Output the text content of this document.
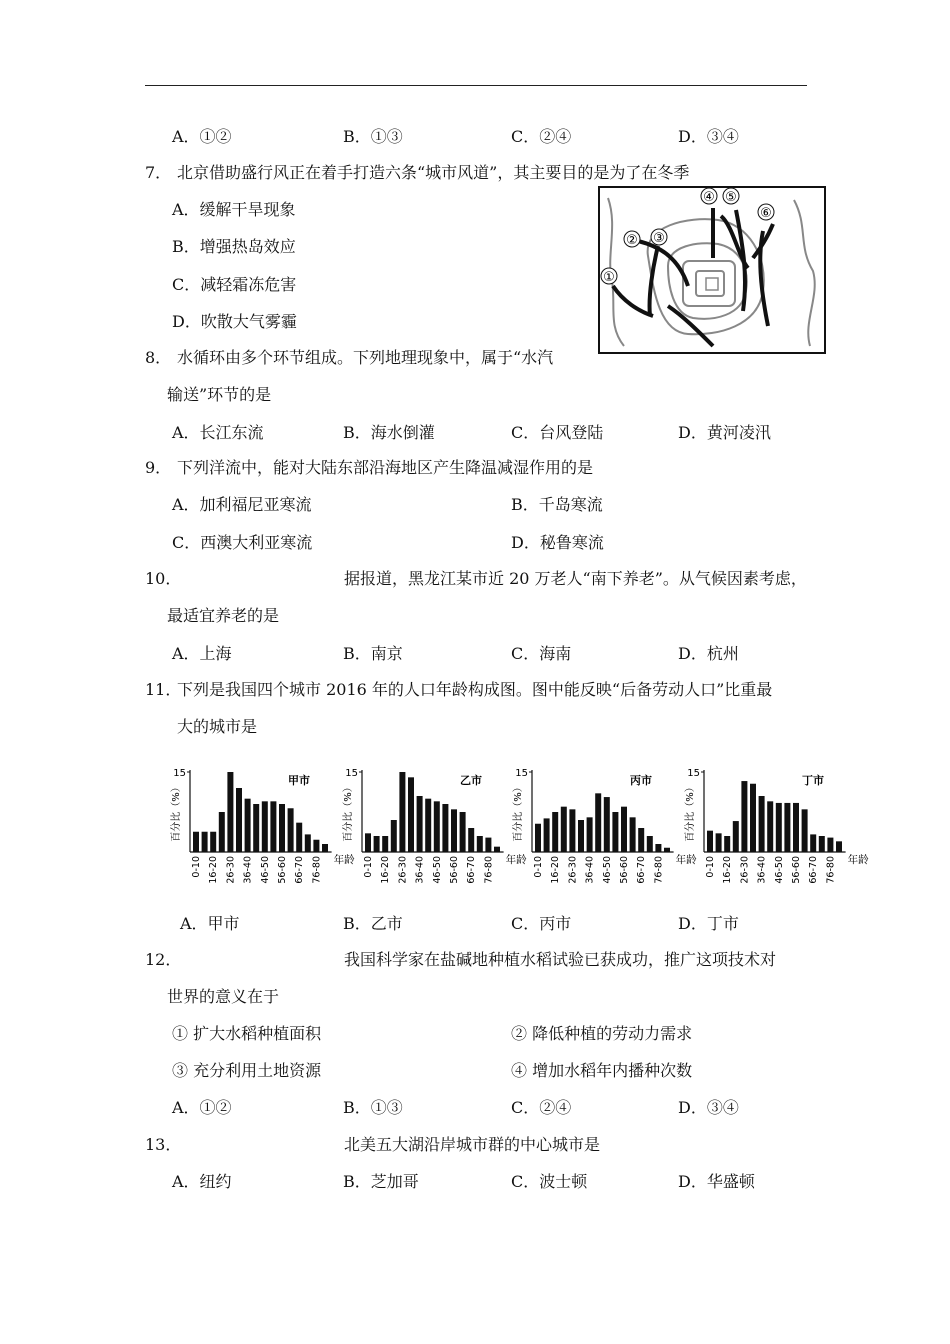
A．①②	B．①③	C．②④	D．③④
7． 北京借助盛行风正在着手打造六条“城市风道”，其主要目的是为了在冬季
A．缓解干旱现象
B．增强热岛效应
C．减轻霜冻危害
D．吹散大气雾霾
①
② ③
④ ⑤
⑥
8． 水循环由多个环节组成。下列地理现象中，属于“水汽
输送”环节的是
A．长江东流	B．海水倒灌	C．台风登陆	D．黄河凌汛
9． 下列洋流中，能对大陆东部沿海地区产生降温减湿作用的是
A．加利福尼亚寒流	B．千岛寒流
C．西澳大利亚寒流	D．秘鲁寒流
10．	据报道，黑龙江某市近 20 万老人“南下养老”。从气候因素考虑，
最适宜养老的是
A．上海	B．南京	C．海南	D．杭州
11．
下列是我国四个城市 2016 年的人口年龄构成图。图中能反映“后备劳动人口”比重最
大的城市是
15
百分比（%）
0-10 16-20 26-30 36-40 46-50 56-60 66-70 76-80 年龄
甲市
15
百分比（%）
0-10 16-20 26-30 36-40 46-50 56-60 66-70 76-80 年龄
乙市
15
百分比（%）
0-10 16-20 26-30 36-40 46-50 56-60 66-70 76-80 年龄
丙市
15
百分比（%）
0-10 16-20 26-30 36-40 46-50 56-60 66-70 76-80 年龄
丁市
A．甲市	B．乙市	C．丙市	D．丁市
12．	我国科学家在盐碱地种植水稻试验已获成功，推广这项技术对
世界的意义在于
① 扩大水稻种植面积	② 降低种植的劳动力需求
③ 充分利用土地资源	④ 增加水稻年内播种次数
A．①②	B．①③	C．②④	D．③④
13．	北美五大湖沿岸城市群的中心城市是
A．纽约	B．芝加哥	C．波士顿	D．华盛顿
